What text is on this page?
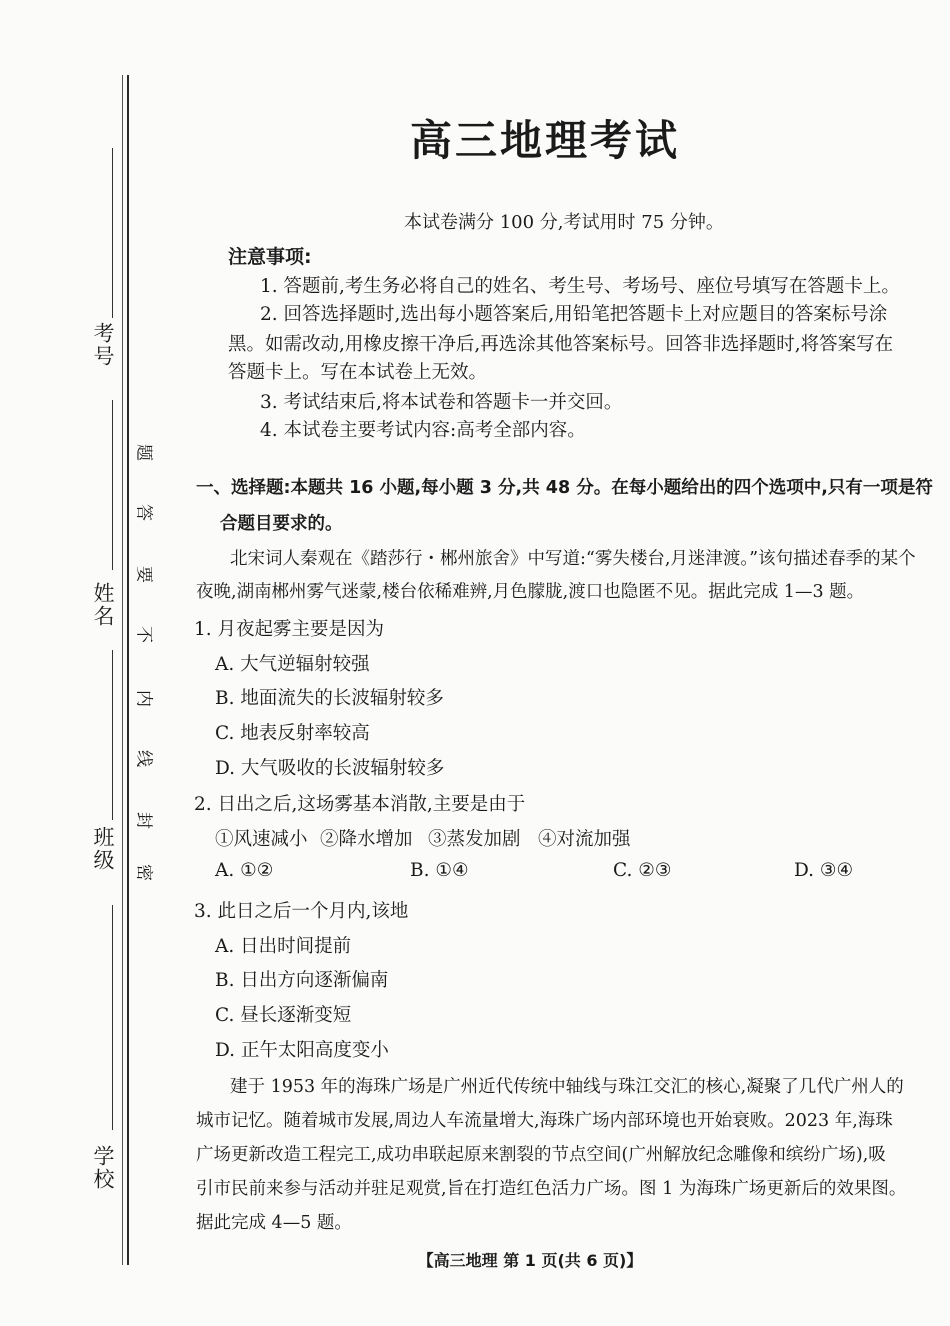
考号
姓名
班级
学校
题
答
要
不
内
线
封
密
高三地理考试
本试卷满分 100 分,考试用时 75 分钟。
注意事项:
1. 答题前,考生务必将自己的姓名、考生号、考场号、座位号填写在答题卡上。
2. 回答选择题时,选出每小题答案后,用铅笔把答题卡上对应题目的答案标号涂
黑。如需改动,用橡皮擦干净后,再选涂其他答案标号。回答非选择题时,将答案写在
答题卡上。写在本试卷上无效。
3. 考试结束后,将本试卷和答题卡一并交回。
4. 本试卷主要考试内容:高考全部内容。
一、选择题:本题共 16 小题,每小题 3 分,共 48 分。在每小题给出的四个选项中,只有一项是符
合题目要求的。
北宋词人秦观在《踏莎行・郴州旅舍》中写道:“雾失楼台,月迷津渡。”该句描述春季的某个
夜晚,湖南郴州雾气迷蒙,楼台依稀难辨,月色朦胧,渡口也隐匿不见。据此完成 1—3 题。
1. 月夜起雾主要是因为
A. 大气逆辐射较强
B. 地面流失的长波辐射较多
C. 地表反射率较高
D. 大气吸收的长波辐射较多
2. 日出之后,这场雾基本消散,主要是由于
①风速减小 ②降水增加 ③蒸发加剧 ④对流加强
A. ①②	B. ①④	C. ②③	D. ③④
3. 此日之后一个月内,该地
A. 日出时间提前
B. 日出方向逐渐偏南
C. 昼长逐渐变短
D. 正午太阳高度变小
建于 1953 年的海珠广场是广州近代传统中轴线与珠江交汇的核心,凝聚了几代广州人的
城市记忆。随着城市发展,周边人车流量增大,海珠广场内部环境也开始衰败。2023 年,海珠
广场更新改造工程完工,成功串联起原来割裂的节点空间(广州解放纪念雕像和缤纷广场),吸
引市民前来参与活动并驻足观赏,旨在打造红色活力广场。图 1 为海珠广场更新后的效果图。
据此完成 4—5 题。
【高三地理 第 1 页(共 6 页)】
